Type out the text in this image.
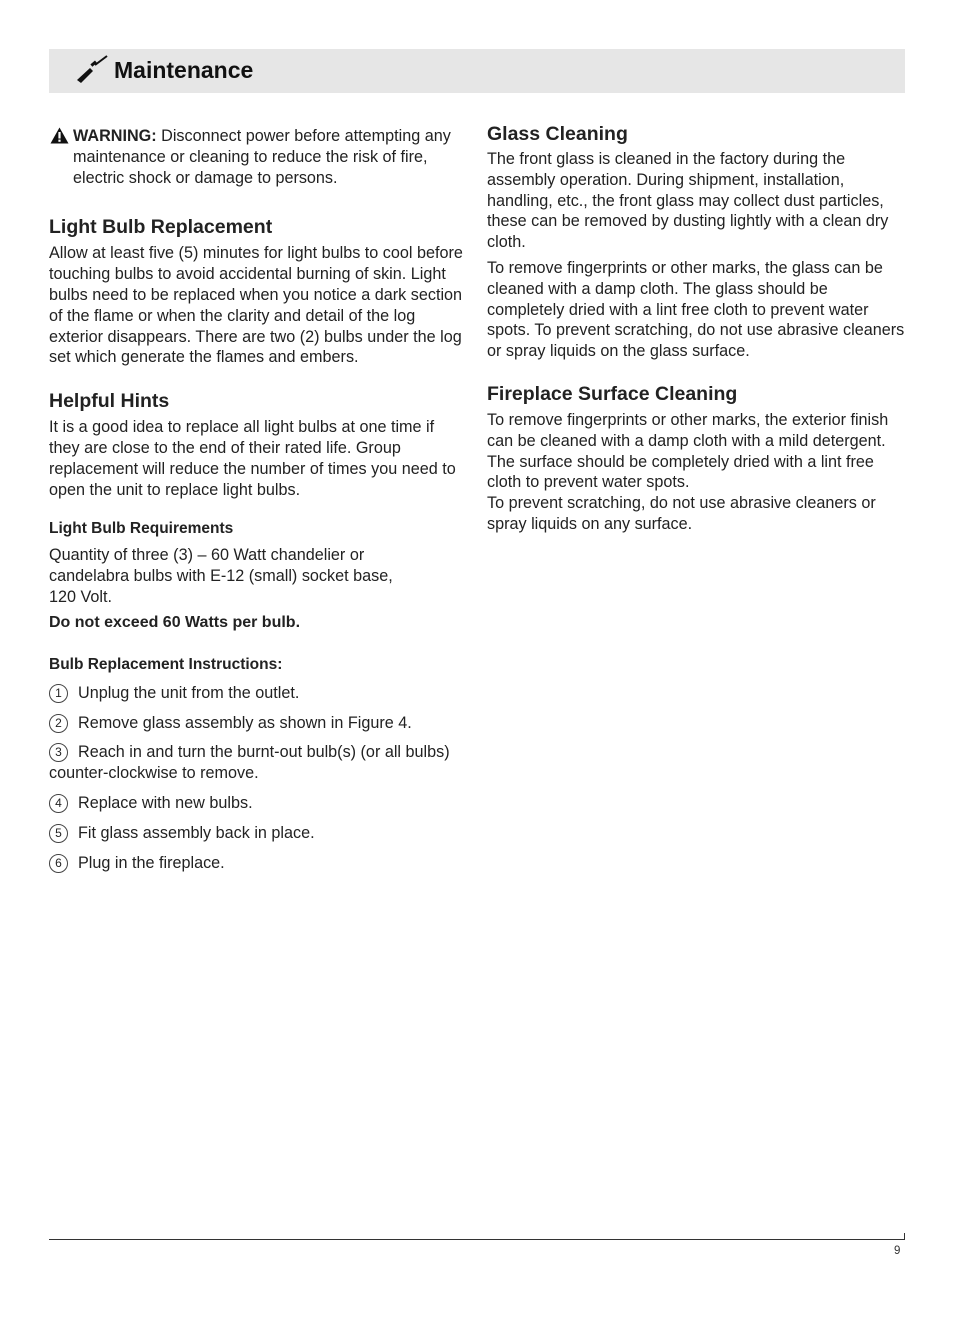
Maintenance

WARNING: Disconnect power before attempting any maintenance or cleaning to reduce the risk of fire, electric shock or damage to persons.

Light Bulb Replacement

Allow at least five (5) minutes for light bulbs to cool before touching bulbs to avoid accidental burning of skin. Light bulbs need to be replaced when you notice a dark section of the flame or when the clarity and detail of the log exterior disappears. There are two (2) bulbs under the log set which generate the flames and embers.

Helpful Hints

It is a good idea to replace all light bulbs at one time if they are close to the end of their rated life. Group replacement will reduce the number of times you need to open the unit to replace light bulbs.

Light Bulb Requirements

Quantity of three (3) – 60 Watt chandelier or

candelabra bulbs with E-12 (small) socket base,

120 Volt.

Do not exceed 60 Watts per bulb.

Bulb Replacement Instructions:

1 Unplug the unit from the outlet.

2 Remove glass assembly as shown in Figure 4.

3 Reach in and turn the burnt-out bulb(s) (or all bulbs) counter-clockwise to remove.

4 Replace with new bulbs.

5 Fit glass assembly back in place.

6 Plug in the fireplace.

Glass Cleaning

The front glass is cleaned in the factory during the assembly operation. During shipment, installation, handling, etc., the front glass may collect dust particles, these can be removed by dusting lightly with a clean dry cloth.

To remove fingerprints or other marks, the glass can be cleaned with a damp cloth. The glass should be completely dried with a lint free cloth to prevent water spots. To prevent scratching, do not use abrasive cleaners or spray liquids on the glass surface.

Fireplace Surface Cleaning

To remove fingerprints or other marks, the exterior finish can be cleaned with a damp cloth with a mild detergent. The surface should be completely dried with a lint free cloth to prevent water spots.

To prevent scratching, do not use abrasive cleaners or spray liquids on any surface.

9
